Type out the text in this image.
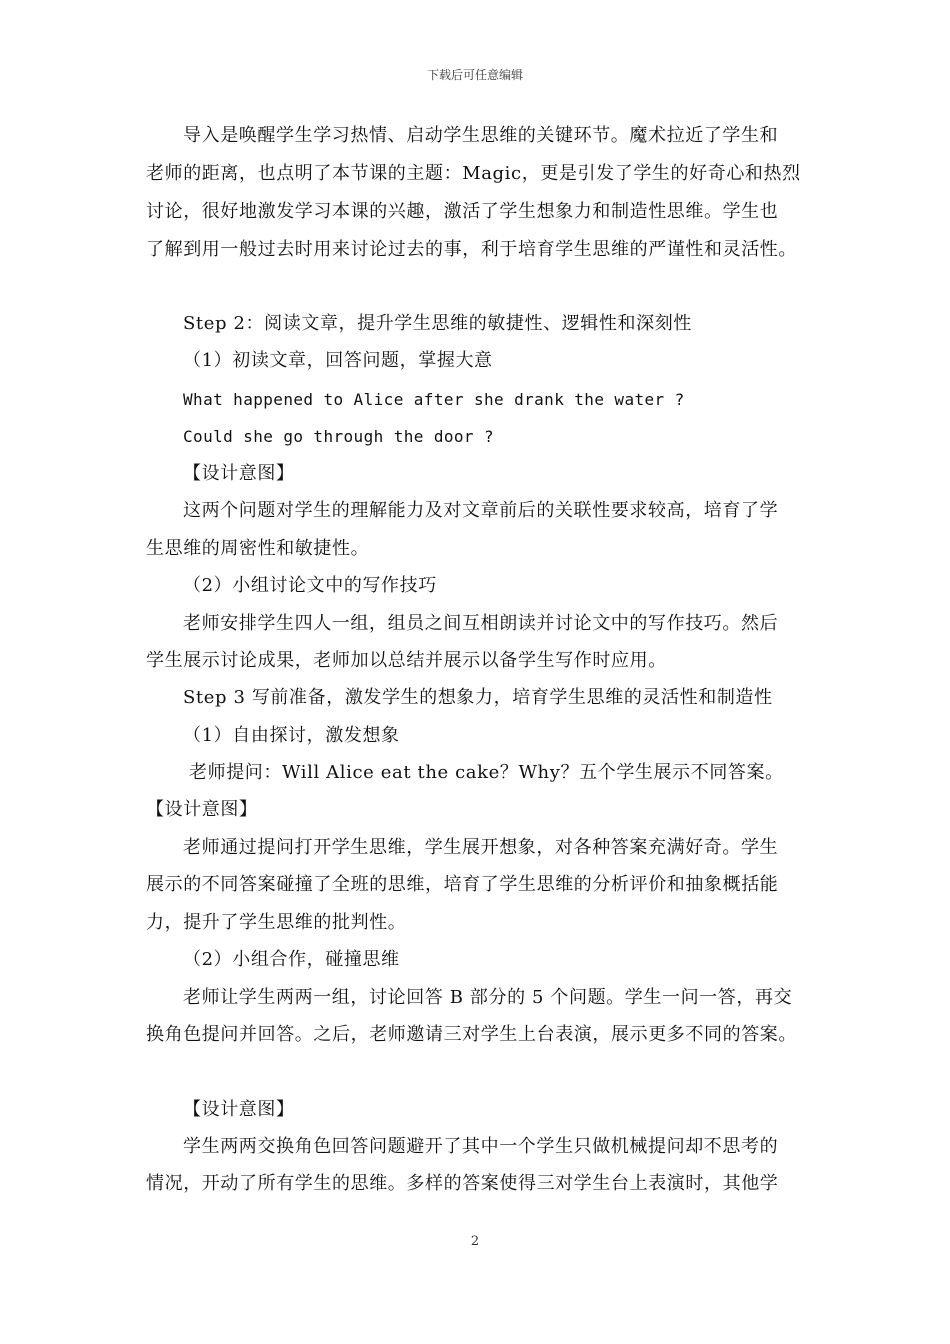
下载后可任意编辑
导入是唤醒学生学习热情、启动学生思维的关键环节。魔术拉近了学生和
老师的距离，也点明了本节课的主题：Magic，更是引发了学生的好奇心和热烈
讨论，很好地激发学习本课的兴趣，激活了学生想象力和制造性思维。学生也
了解到用一般过去时用来讨论过去的事，利于培育学生思维的严谨性和灵活性。
Step 2：阅读文章，提升学生思维的敏捷性、逻辑性和深刻性
（1）初读文章，回答问题，掌握大意
What happened to Alice after she drank the water ?
Could she go through the door ?
【设计意图】
这两个问题对学生的理解能力及对文章前后的关联性要求较高，培育了学
生思维的周密性和敏捷性。
（2）小组讨论文中的写作技巧
老师安排学生四人一组，组员之间互相朗读并讨论文中的写作技巧。然后
学生展示讨论成果，老师加以总结并展示以备学生写作时应用。
Step 3 写前准备，激发学生的想象力，培育学生思维的灵活性和制造性
（1）自由探讨，激发想象
老师提问：Will Alice eat the cake？Why？五个学生展示不同答案。
【设计意图】
老师通过提问打开学生思维，学生展开想象，对各种答案充满好奇。学生
展示的不同答案碰撞了全班的思维，培育了学生思维的分析评价和抽象概括能
力，提升了学生思维的批判性。
（2）小组合作，碰撞思维
老师让学生两两一组，讨论回答 B 部分的 5 个问题。学生一问一答，再交
换角色提问并回答。之后，老师邀请三对学生上台表演，展示更多不同的答案。
【设计意图】
学生两两交换角色回答问题避开了其中一个学生只做机械提问却不思考的
情况，开动了所有学生的思维。多样的答案使得三对学生台上表演时，其他学
2
